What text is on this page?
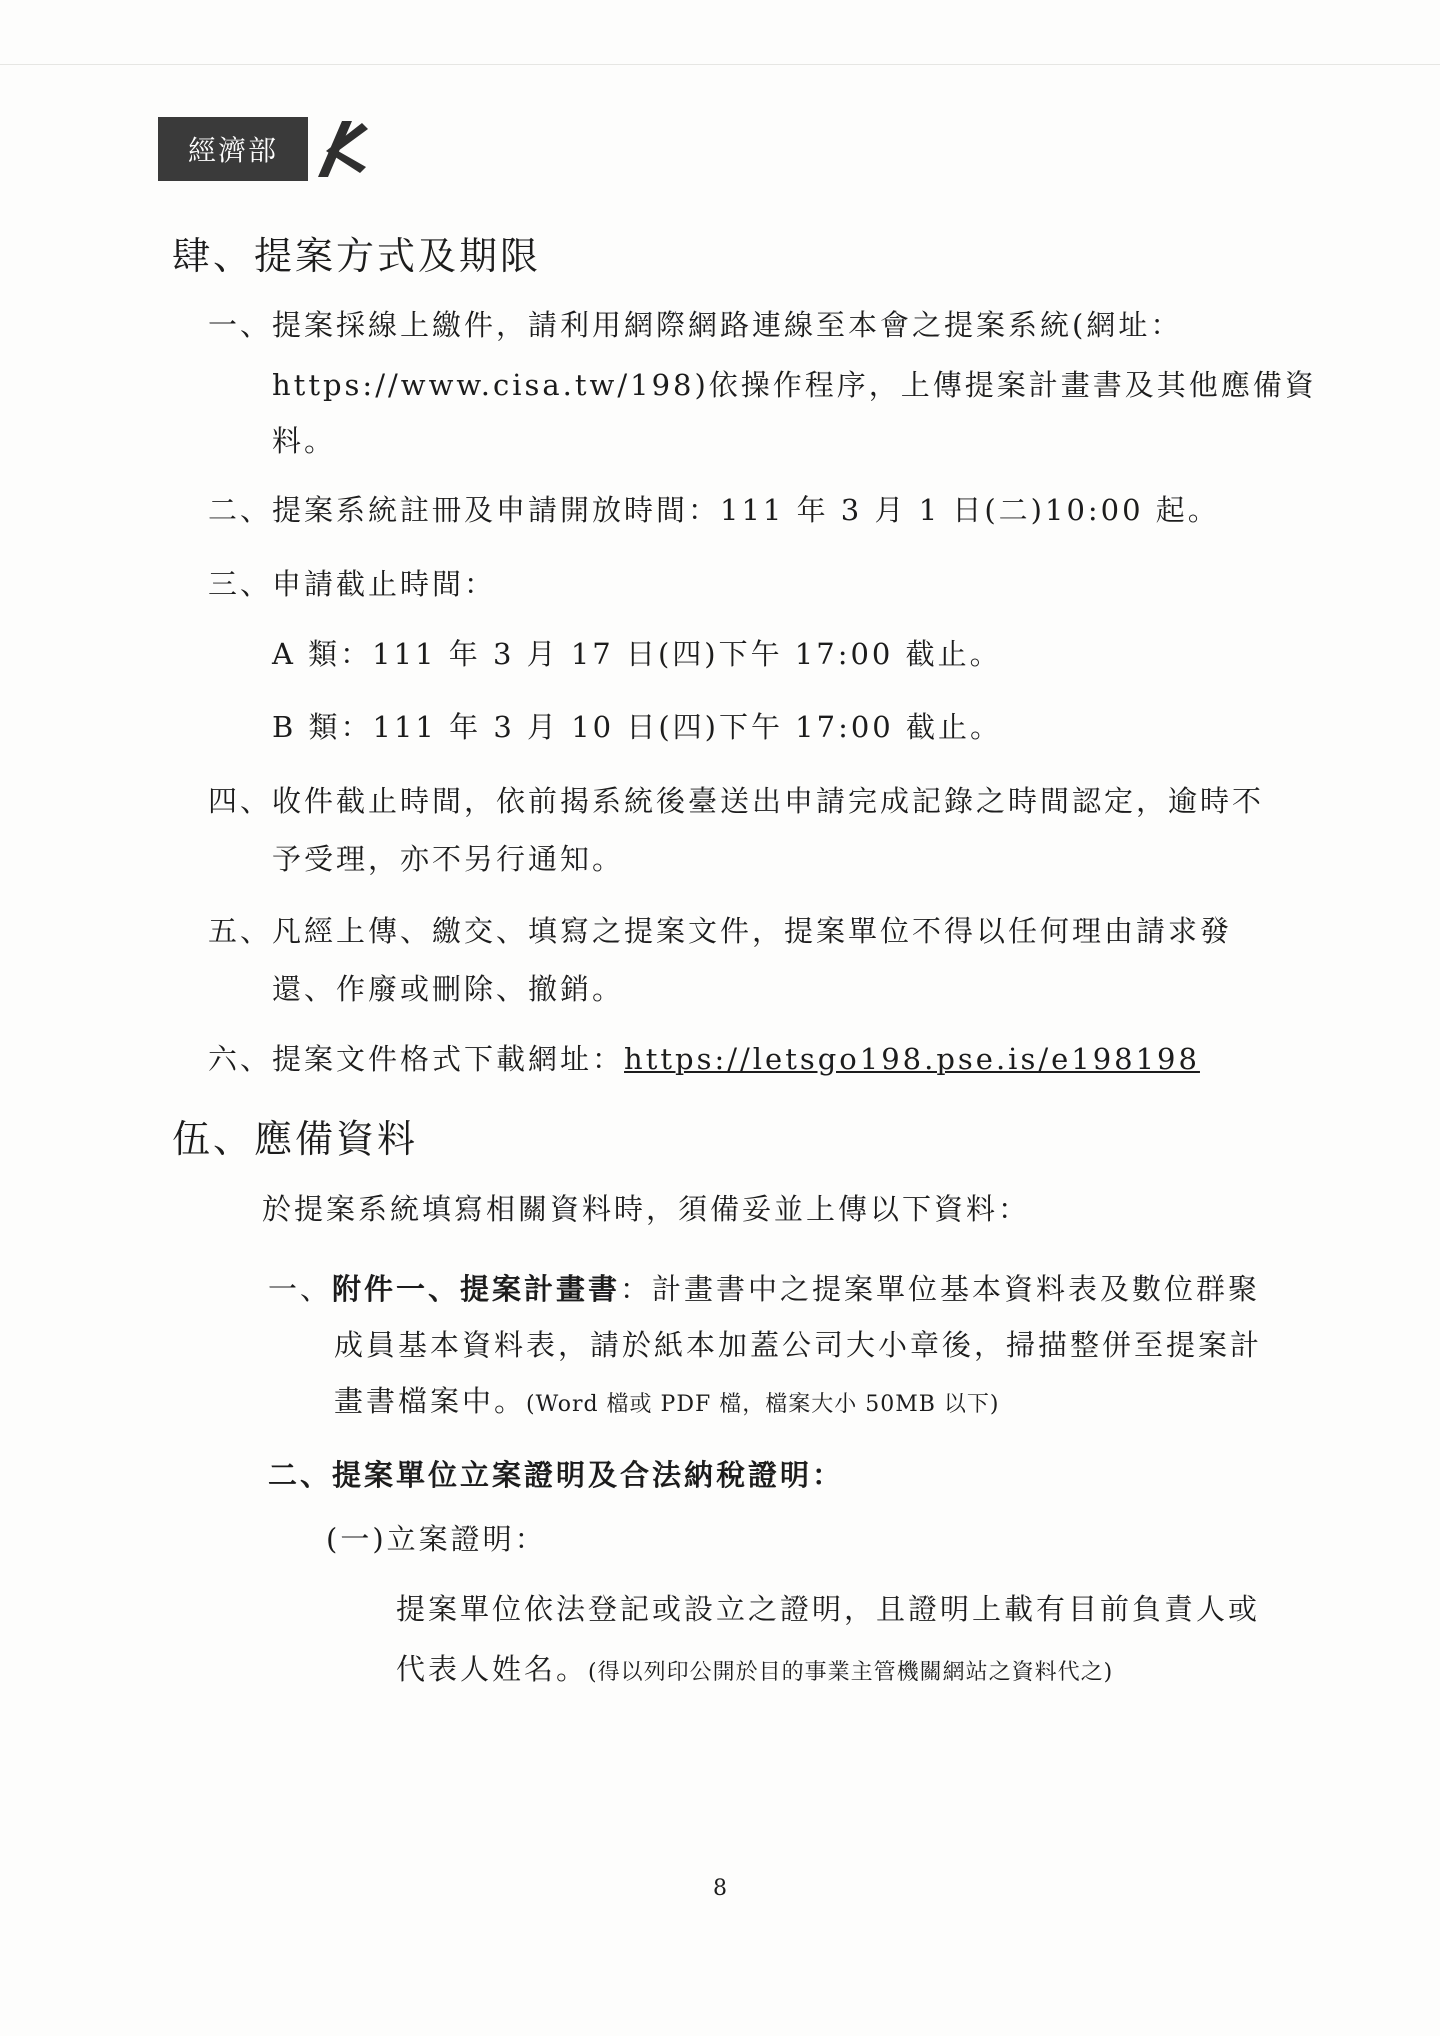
經濟部
肆、提案方式及期限
一、提案採線上繳件，請利用網際網路連線至本會之提案系統(網址：
https://www.cisa.tw/198)依操作程序，上傳提案計畫書及其他應備資
料。
二、提案系統註冊及申請開放時間：111 年 3 月 1 日(二)10:00 起。
三、申請截止時間：
A 類：111 年 3 月 17 日(四)下午 17:00 截止。
B 類：111 年 3 月 10 日(四)下午 17:00 截止。
四、收件截止時間，依前揭系統後臺送出申請完成記錄之時間認定，逾時不
予受理，亦不另行通知。
五、凡經上傳、繳交、填寫之提案文件，提案單位不得以任何理由請求發
還、作廢或刪除、撤銷。
六、提案文件格式下載網址：https://letsgo198.pse.is/e198198
伍、應備資料
於提案系統填寫相關資料時，須備妥並上傳以下資料：
一、附件一、提案計畫書：計畫書中之提案單位基本資料表及數位群聚
成員基本資料表，請於紙本加蓋公司大小章後，掃描整併至提案計
畫書檔案中。(Word 檔或 PDF 檔，檔案大小 50MB 以下)
二、提案單位立案證明及合法納稅證明：
(一)立案證明：
提案單位依法登記或設立之證明，且證明上載有目前負責人或
代表人姓名。(得以列印公開於目的事業主管機關網站之資料代之)
8
